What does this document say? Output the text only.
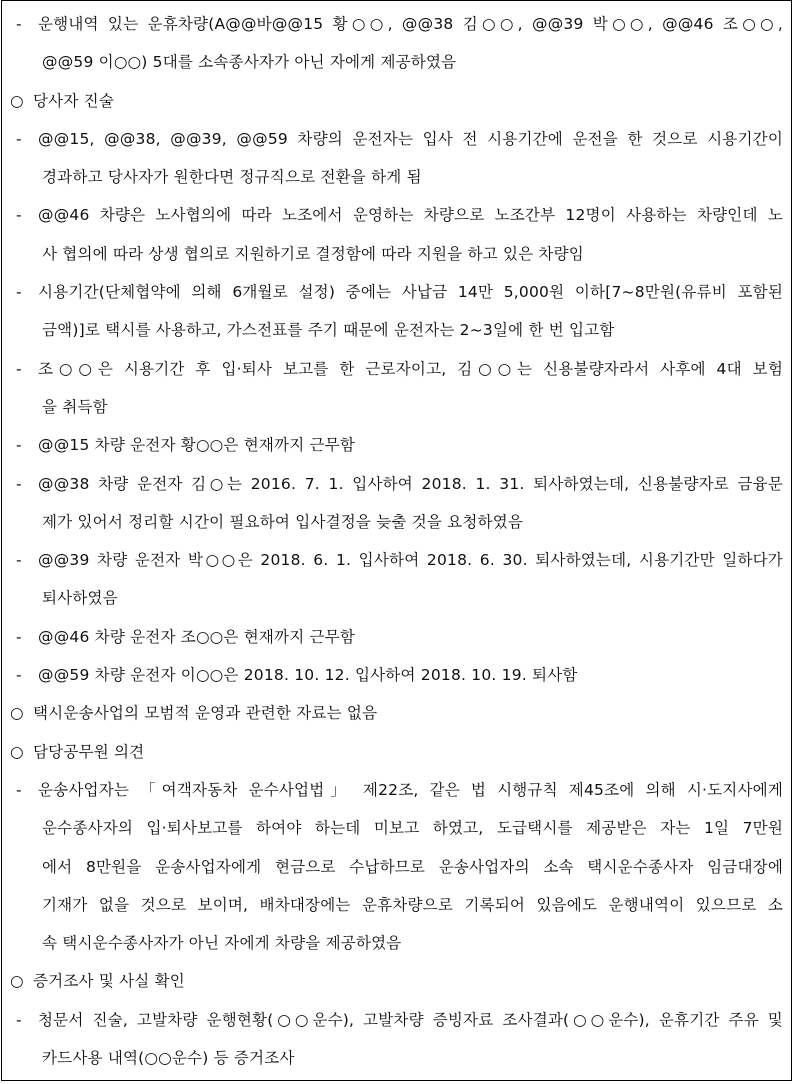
- 운행내역 있는 운휴차량(A@@바@@15 황○○, @@38 김○○, @@39 박○○, @@46 조○○,
@@59 이○○) 5대를 소속종사자가 아닌 자에게 제공하였음
○ 당사자 진술
- @@15, @@38, @@39, @@59 차량의 운전자는 입사 전 시용기간에 운전을 한 것으로 시용기간이
경과하고 당사자가 원한다면 정규직으로 전환을 하게 됨
- @@46 차량은 노사협의에 따라 노조에서 운영하는 차량으로 노조간부 12명이 사용하는 차량인데 노
사 협의에 따라 상생 협의로 지원하기로 결정함에 따라 지원을 하고 있은 차량임
- 시용기간(단체협약에 의해 6개월로 설정) 중에는 사납금 14만 5,000원 이하[7~8만원(유류비 포함된
금액)]로 택시를 사용하고, 가스전표를 주기 때문에 운전자는 2~3일에 한 번 입고함
- 조○○은 시용기간 후 입·퇴사 보고를 한 근로자이고, 김○○는 신용불량자라서 사후에 4대 보험
을 취득함
- @@15 차량 운전자 황○○은 현재까지 근무함
- @@38 차량 운전자 김○는 2016. 7. 1. 입사하여 2018. 1. 31. 퇴사하였는데, 신용불량자로 금융문
제가 있어서 정리할 시간이 필요하여 입사결정을 늦출 것을 요청하였음
- @@39 차량 운전자 박○○은 2018. 6. 1. 입사하여 2018. 6. 30. 퇴사하였는데, 시용기간만 일하다가
퇴사하였음
- @@46 차량 운전자 조○○은 현재까지 근무함
- @@59 차량 운전자 이○○은 2018. 10. 12. 입사하여 2018. 10. 19. 퇴사함
○ 택시운송사업의 모범적 운영과 관련한 자료는 없음
○ 담당공무원 의견
- 운송사업자는 「여객자동차 운수사업법」 제22조, 같은 법 시행규칙 제45조에 의해 시·도지사에게
운수종사자의 입·퇴사보고를 하여야 하는데 미보고 하였고, 도급택시를 제공받은 자는 1일 7만원
에서 8만원을 운송사업자에게 현금으로 수납하므로 운송사업자의 소속 택시운수종사자 임금대장에
기재가 없을 것으로 보이며, 배차대장에는 운휴차량으로 기록되어 있음에도 운행내역이 있으므로 소
속 택시운수종사자가 아닌 자에게 차량을 제공하였음
○ 증거조사 및 사실 확인
- 청문서 진술, 고발차량 운행현황(○○운수), 고발차량 증빙자료 조사결과(○○운수), 운휴기간 주유 및
카드사용 내역(○○운수) 등 증거조사
